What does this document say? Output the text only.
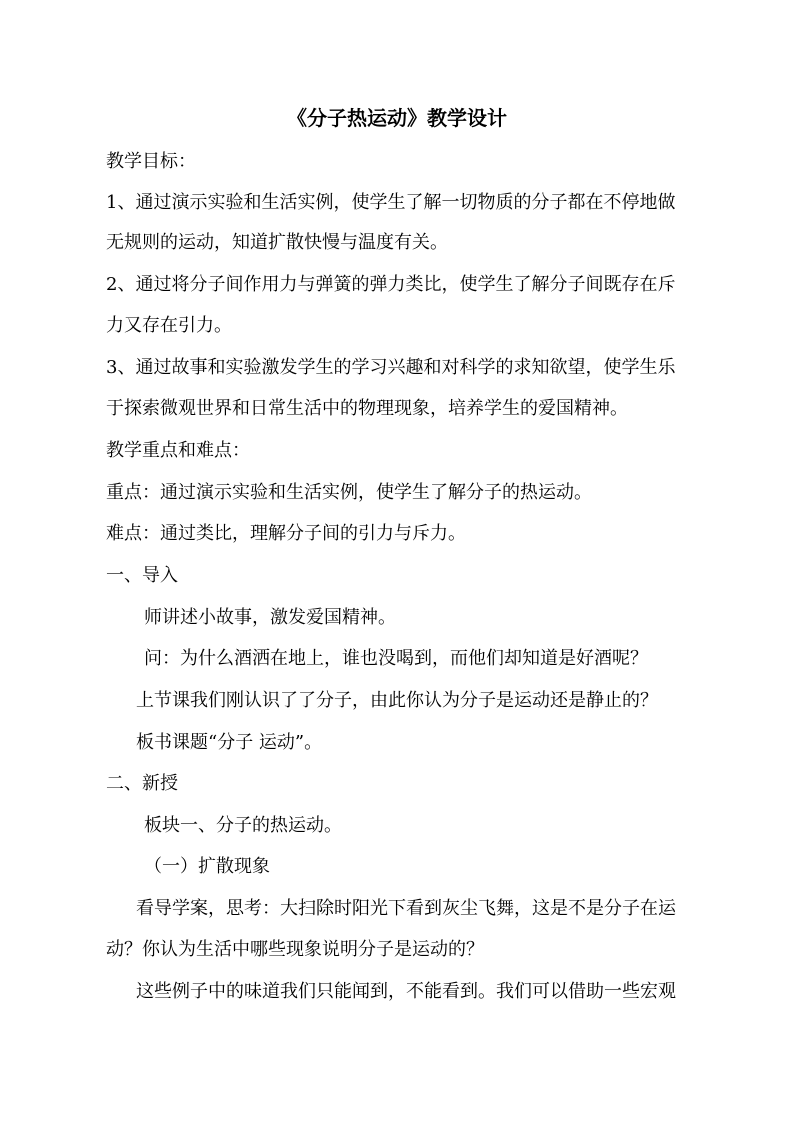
《分子热运动》教学设计
教学目标：
1、通过演示实验和生活实例，使学生了解一切物质的分子都在不停地做
无规则的运动，知道扩散快慢与温度有关。
2、通过将分子间作用力与弹簧的弹力类比，使学生了解分子间既存在斥
力又存在引力。
3、通过故事和实验激发学生的学习兴趣和对科学的求知欲望，使学生乐
于探索微观世界和日常生活中的物理现象，培养学生的爱国精神。
教学重点和难点：
重点：通过演示实验和生活实例，使学生了解分子的热运动。
难点：通过类比，理解分子间的引力与斥力。
一、导入
师讲述小故事，激发爱国精神。
问：为什么酒洒在地上，谁也没喝到，而他们却知道是好酒呢？
上节课我们刚认识了了分子，由此你认为分子是运动还是静止的？
板书课题“分子 运动”。
二、新授
板块一、分子的热运动。
（一）扩散现象
看导学案，思考：大扫除时阳光下看到灰尘飞舞，这是不是分子在运
动？你认为生活中哪些现象说明分子是运动的？
这些例子中的味道我们只能闻到，不能看到。我们可以借助一些宏观
